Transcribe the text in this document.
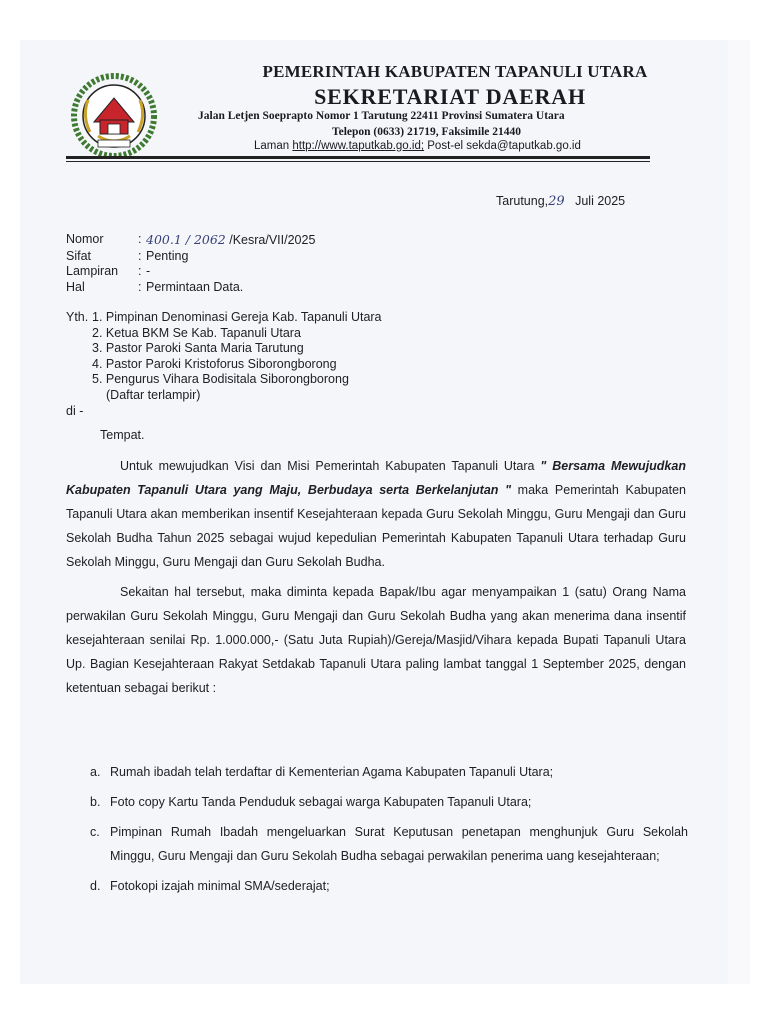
PEMERINTAH KABUPATEN TAPANULI UTARA
SEKRETARIAT DAERAH
Jalan Letjen Soeprapto Nomor 1 Tarutung 22411 Provinsi Sumatera Utara
Telepon (0633) 21719, Faksimile 21440
Laman http://www.taputkab.go.id; Post-el sekda@taputkab.go.id
Tarutung,29 Juli 2025
Nomor	: 400.1 / 2062 /Kesra/VII/2025
Sifat	: Penting
Lampiran	: -
Hal	: Permintaan Data.
Yth. 1. Pimpinan Denominasi Gereja Kab. Tapanuli Utara
2. Ketua BKM Se Kab. Tapanuli Utara
3. Pastor Paroki Santa Maria Tarutung
4. Pastor Paroki Kristoforus Siborongborong
5. Pengurus Vihara Bodisitala Siborongborong
(Daftar terlampir)
di -
Tempat.

Untuk mewujudkan Visi dan Misi Pemerintah Kabupaten Tapanuli Utara " Bersama Mewujudkan Kabupaten Tapanuli Utara yang Maju, Berbudaya serta Berkelanjutan " maka Pemerintah Kabupaten Tapanuli Utara akan memberikan insentif Kesejahteraan kepada Guru Sekolah Minggu, Guru Mengaji dan Guru Sekolah Budha Tahun 2025 sebagai wujud kepedulian Pemerintah Kabupaten Tapanuli Utara terhadap Guru Sekolah Minggu, Guru Mengaji dan Guru Sekolah Budha.

Sekaitan hal tersebut, maka diminta kepada Bapak/Ibu agar menyampaikan 1 (satu) Orang Nama perwakilan Guru Sekolah Minggu, Guru Mengaji dan Guru Sekolah Budha yang akan menerima dana insentif kesejahteraan senilai Rp. 1.000.000,- (Satu Juta Rupiah)/Gereja/Masjid/Vihara kepada Bupati Tapanuli Utara Up. Bagian Kesejahteraan Rakyat Setdakab Tapanuli Utara paling lambat tanggal 1 September 2025, dengan ketentuan sebagai berikut :

a. Rumah ibadah telah terdaftar di Kementerian Agama Kabupaten Tapanuli Utara;
b. Foto copy Kartu Tanda Penduduk sebagai warga Kabupaten Tapanuli Utara;
c. Pimpinan Rumah Ibadah mengeluarkan Surat Keputusan penetapan menghunjuk Guru Sekolah Minggu, Guru Mengaji dan Guru Sekolah Budha sebagai perwakilan penerima uang kesejahteraan;
d. Fotokopi izajah minimal SMA/sederajat;
